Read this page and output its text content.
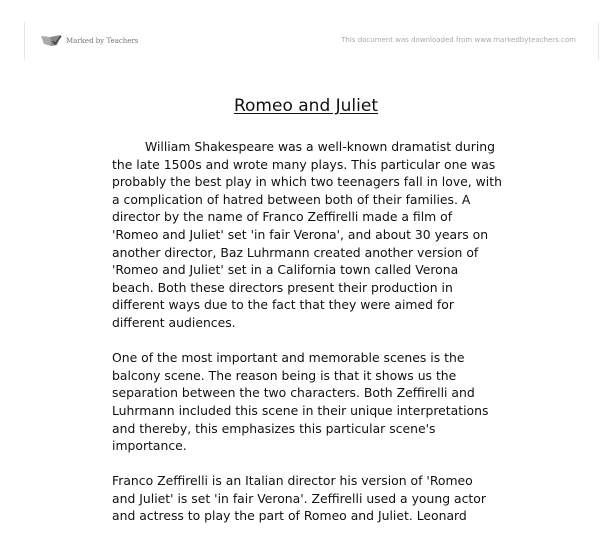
Marked by Teachers	This document was downloaded from www.markedbyteachers.com
Romeo and Juliet
William Shakespeare was a well-known dramatist during
the late 1500s and wrote many plays. This particular one was
probably the best play in which two teenagers fall in love, with
a complication of hatred between both of their families. A
director by the name of Franco Zeffirelli made a film of
'Romeo and Juliet' set 'in fair Verona', and about 30 years on
another director, Baz Luhrmann created another version of
'Romeo and Juliet' set in a California town called Verona
beach. Both these directors present their production in
different ways due to the fact that they were aimed for
different audiences.
One of the most important and memorable scenes is the
balcony scene. The reason being is that it shows us the
separation between the two characters. Both Zeffirelli and
Luhrmann included this scene in their unique interpretations
and thereby, this emphasizes this particular scene's
importance.
Franco Zeffirelli is an Italian director his version of 'Romeo
and Juliet' is set 'in fair Verona'. Zeffirelli used a young actor
and actress to play the part of Romeo and Juliet. Leonard
